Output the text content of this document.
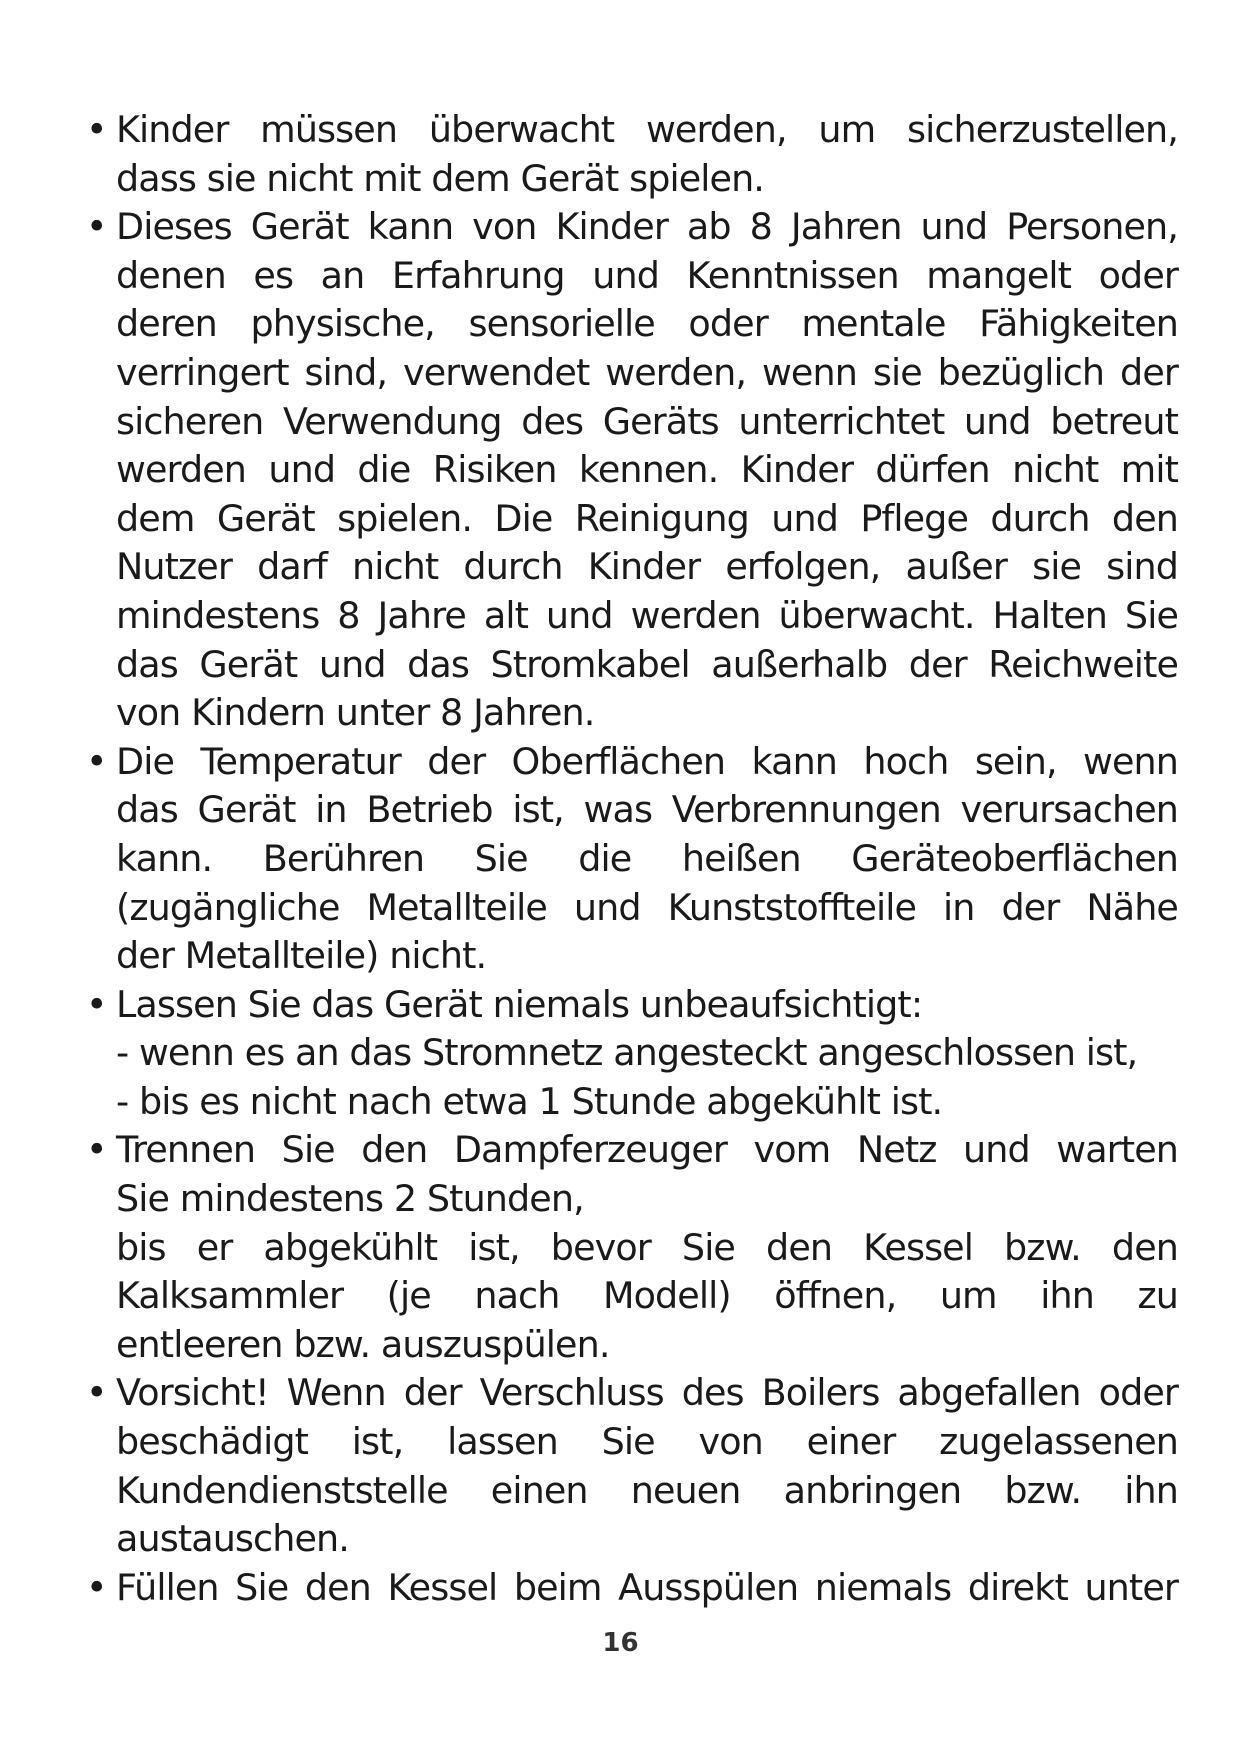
• Kinder müssen überwacht werden, um sicherzustellen,
dass sie nicht mit dem Gerät spielen.
• Dieses Gerät kann von Kinder ab 8 Jahren und Personen,
denen es an Erfahrung und Kenntnissen mangelt oder
deren physische, sensorielle oder mentale Fähigkeiten
verringert sind, verwendet werden, wenn sie bezüglich der
sicheren Verwendung des Geräts unterrichtet und betreut
werden und die Risiken kennen. Kinder dürfen nicht mit
dem Gerät spielen. Die Reinigung und Pflege durch den
Nutzer darf nicht durch Kinder erfolgen, außer sie sind
mindestens 8 Jahre alt und werden überwacht. Halten Sie
das Gerät und das Stromkabel außerhalb der Reichweite
von Kindern unter 8 Jahren.
• Die Temperatur der Oberflächen kann hoch sein, wenn
das Gerät in Betrieb ist, was Verbrennungen verursachen
kann. Berühren Sie die heißen Geräteoberflächen
(zugängliche Metallteile und Kunststoffteile in der Nähe
der Metallteile) nicht.
• Lassen Sie das Gerät niemals unbeaufsichtigt:
- wenn es an das Stromnetz angesteckt angeschlossen ist,
- bis es nicht nach etwa 1 Stunde abgekühlt ist.
• Trennen Sie den Dampferzeuger vom Netz und warten
Sie mindestens 2 Stunden,
bis er abgekühlt ist, bevor Sie den Kessel bzw. den
Kalksammler (je nach Modell) öffnen, um ihn zu
entleeren bzw. auszuspülen.
• Vorsicht! Wenn der Verschluss des Boilers abgefallen oder
beschädigt ist, lassen Sie von einer zugelassenen
Kundendienststelle einen neuen anbringen bzw. ihn
austauschen.
• Füllen Sie den Kessel beim Ausspülen niemals direkt unter
16
